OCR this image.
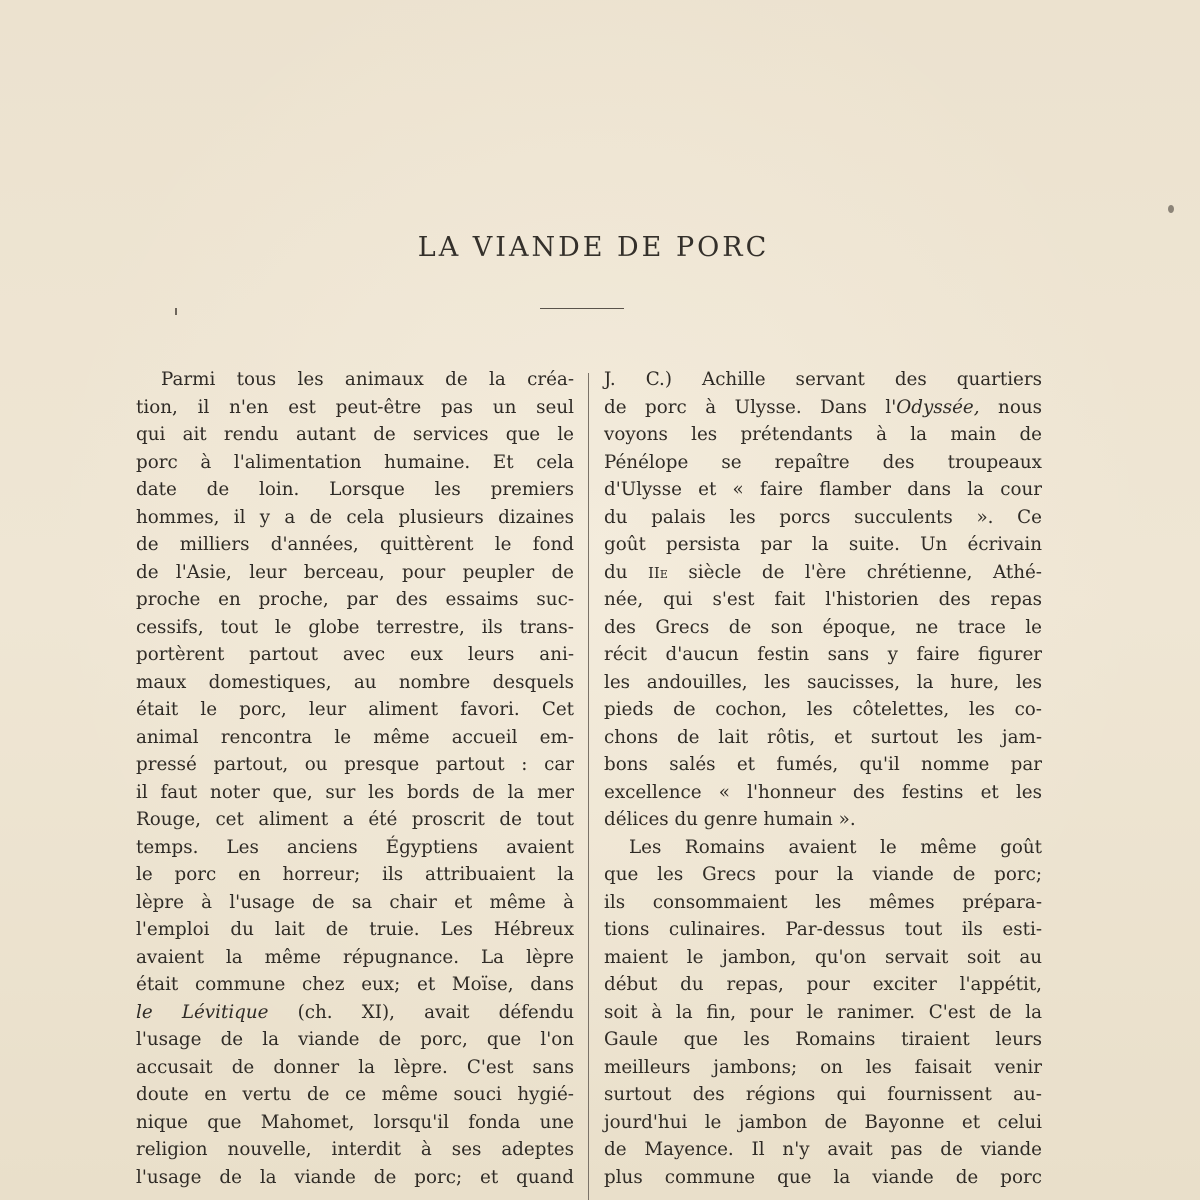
LA VIANDE DE PORC
Parmi tous les animaux de la créa-
tion, il n'en est peut-être pas un seul
qui ait rendu autant de services que le
porc à l'alimentation humaine. Et cela
date de loin. Lorsque les premiers
hommes, il y a de cela plusieurs dizaines
de milliers d'années, quittèrent le fond
de l'Asie, leur berceau, pour peupler de
proche en proche, par des essaims suc-
cessifs, tout le globe terrestre, ils trans-
portèrent partout avec eux leurs ani-
maux domestiques, au nombre desquels
était le porc, leur aliment favori. Cet
animal rencontra le même accueil em-
pressé partout, ou presque partout : car
il faut noter que, sur les bords de la mer
Rouge, cet aliment a été proscrit de tout
temps. Les anciens Égyptiens avaient
le porc en horreur; ils attribuaient la
lèpre à l'usage de sa chair et même à
l'emploi du lait de truie. Les Hébreux
avaient la même répugnance. La lèpre
était commune chez eux; et Moïse, dans
le Lévitique (ch. XI), avait défendu
l'usage de la viande de porc, que l'on
accusait de donner la lèpre. C'est sans
doute en vertu de ce même souci hygié-
nique que Mahomet, lorsqu'il fonda une
religion nouvelle, interdit à ses adeptes
l'usage de la viande de porc; et quand
J. C.) Achille servant des quartiers
de porc à Ulysse. Dans l'Odyssée, nous
voyons les prétendants à la main de
Pénélope se repaître des troupeaux
d'Ulysse et « faire flamber dans la cour
du palais les porcs succulents ». Ce
goût persista par la suite. Un écrivain
du IIe siècle de l'ère chrétienne, Athé-
née, qui s'est fait l'historien des repas
des Grecs de son époque, ne trace le
récit d'aucun festin sans y faire figurer
les andouilles, les saucisses, la hure, les
pieds de cochon, les côtelettes, les co-
chons de lait rôtis, et surtout les jam-
bons salés et fumés, qu'il nomme par
excellence « l'honneur des festins et les
délices du genre humain ».
Les Romains avaient le même goût
que les Grecs pour la viande de porc;
ils consommaient les mêmes prépara-
tions culinaires. Par-dessus tout ils esti-
maient le jambon, qu'on servait soit au
début du repas, pour exciter l'appétit,
soit à la fin, pour le ranimer. C'est de la
Gaule que les Romains tiraient leurs
meilleurs jambons; on les faisait venir
surtout des régions qui fournissent au-
jourd'hui le jambon de Bayonne et celui
de Mayence. Il n'y avait pas de viande
plus commune que la viande de porc
